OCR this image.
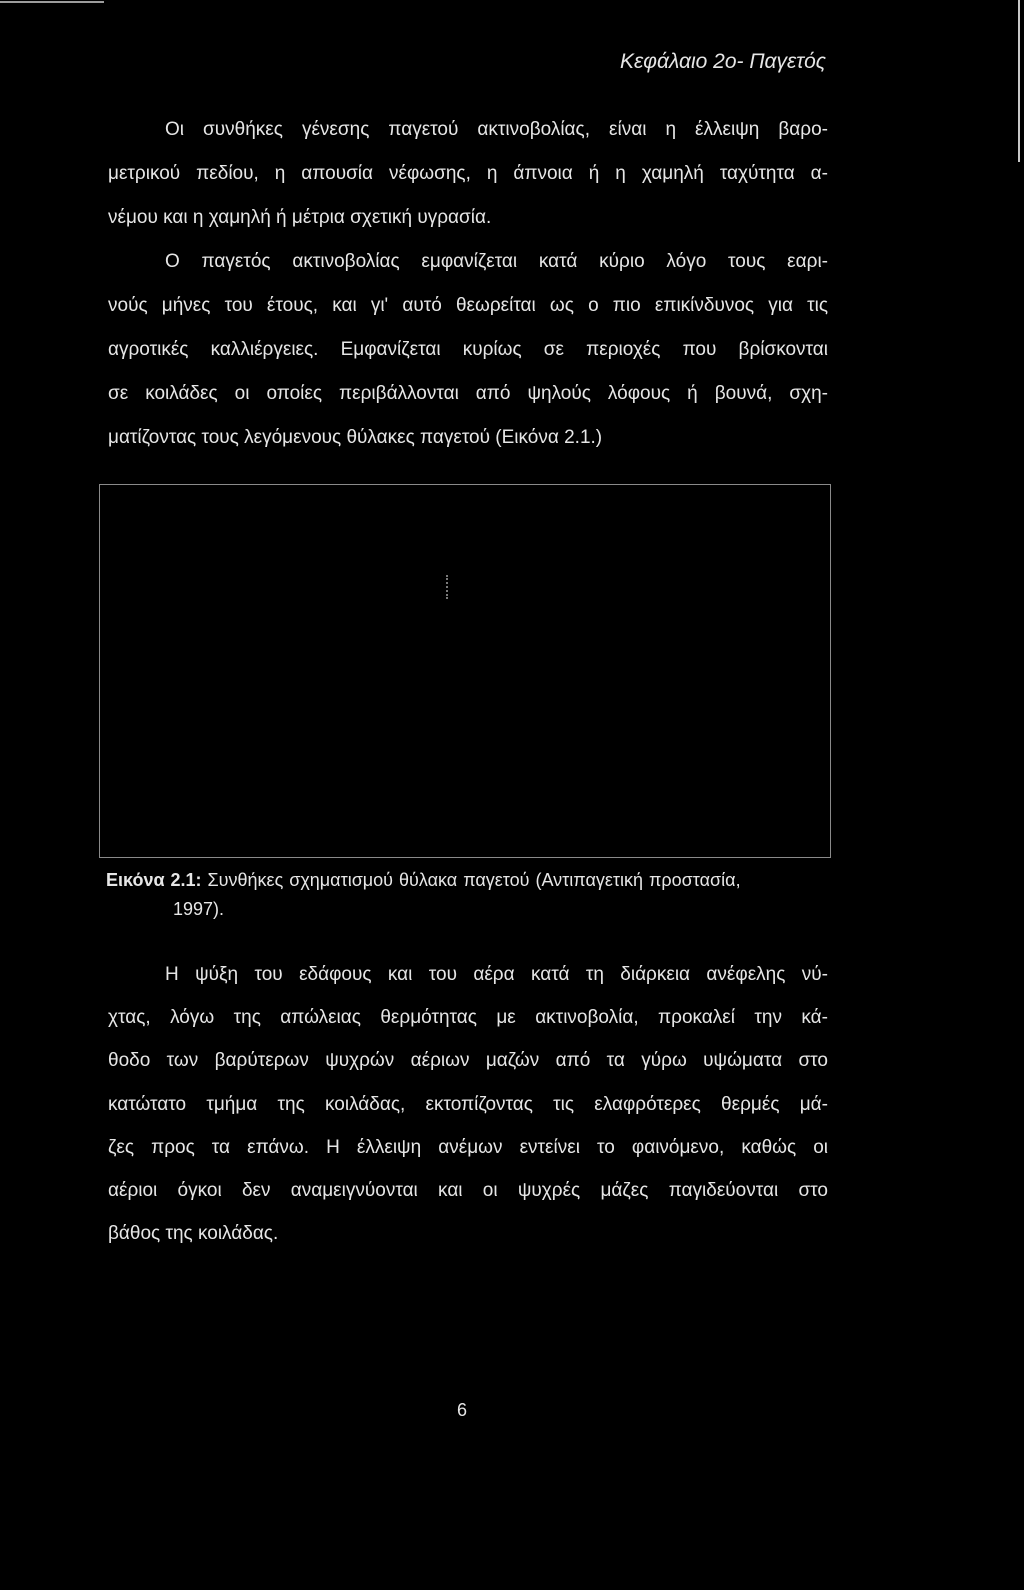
Κεφάλαιο 2ο- Παγετός
Οι συνθήκες γένεσης παγετού ακτινοβολίας, είναι η έλλειψη βαρο-
μετρικού πεδίου, η απουσία νέφωσης, η άπνοια ή η χαμηλή ταχύτητα α-
νέμου και η χαμηλή ή μέτρια σχετική υγρασία.
Ο παγετός ακτινοβολίας εμφανίζεται κατά κύριο λόγο τους εαρι-
νούς μήνες του έτους, και γι' αυτό θεωρείται ως ο πιο επικίνδυνος για τις
αγροτικές καλλιέργειες. Εμφανίζεται κυρίως σε περιοχές που βρίσκονται
σε κοιλάδες οι οποίες περιβάλλονται από ψηλούς λόφους ή βουνά, σχη-
ματίζοντας τους λεγόμενους θύλακες παγετού (Εικόνα 2.1.)
Εικόνα 2.1: Συνθήκες σχηματισμού θύλακα παγετού (Αντιπαγετική προστασία,
1997).
Η ψύξη του εδάφους και του αέρα κατά τη διάρκεια ανέφελης νύ-
χτας, λόγω της απώλειας θερμότητας με ακτινοβολία, προκαλεί την κά-
θοδο των βαρύτερων ψυχρών αέριων μαζών από τα γύρω υψώματα στο
κατώτατο τμήμα της κοιλάδας, εκτοπίζοντας τις ελαφρότερες θερμές μά-
ζες προς τα επάνω. Η έλλειψη ανέμων εντείνει το φαινόμενο, καθώς οι
αέριοι όγκοι δεν αναμειγνύονται και οι ψυχρές μάζες παγιδεύονται στο
βάθος της κοιλάδας.
6
